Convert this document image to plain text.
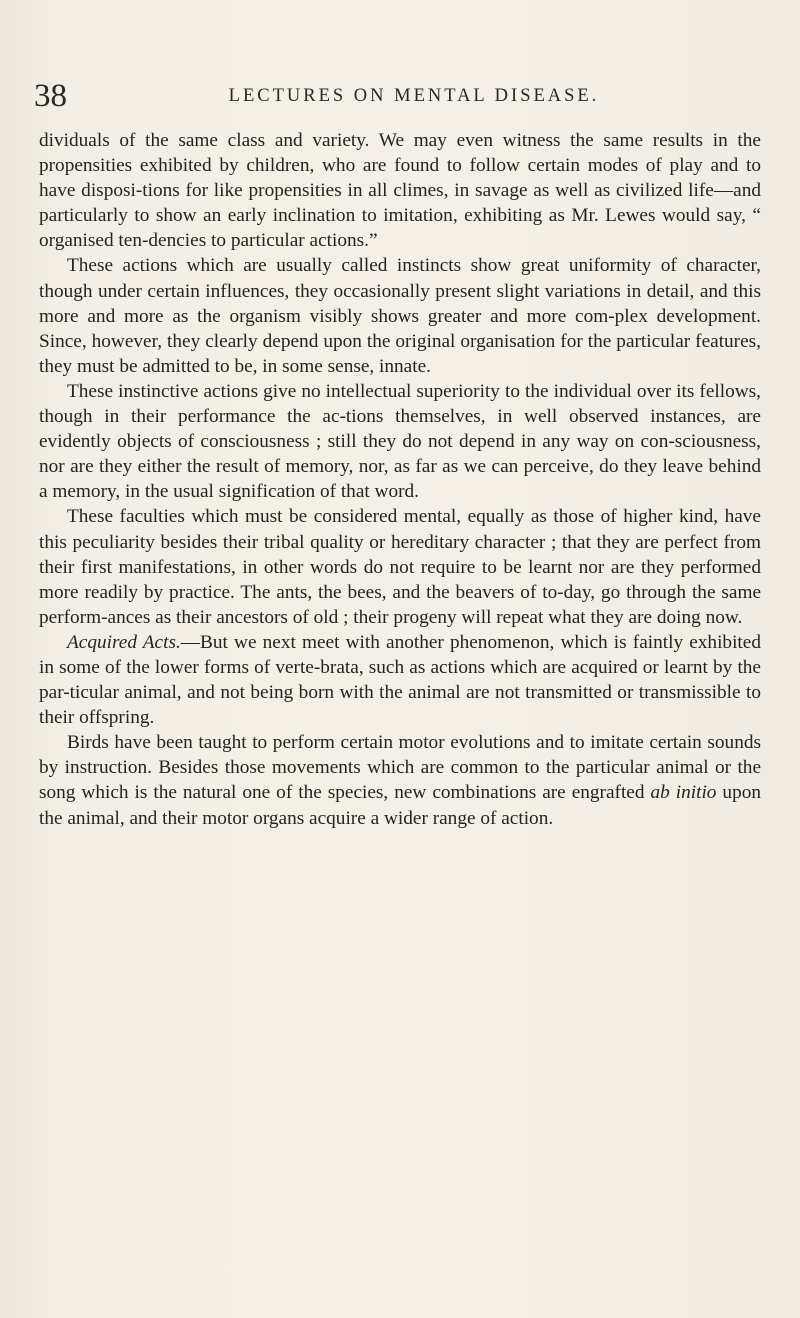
38	LECTURES ON MENTAL DISEASE.

dividuals of the same class and variety. We may even witness the same results in the propensities exhibited by children, who are found to follow certain modes of play and to have disposi-tions for like propensities in all climes, in savage as well as civilized life—and particularly to show an early inclination to imitation, exhibiting as Mr. Lewes would say, “ organised ten-dencies to particular actions.”

These actions which are usually called instincts show great uniformity of character, though under certain influences, they occasionally present slight variations in detail, and this more and more as the organism visibly shows greater and more com-plex development. Since, however, they clearly depend upon the original organisation for the particular features, they must be admitted to be, in some sense, innate.

These instinctive actions give no intellectual superiority to the individual over its fellows, though in their performance the ac-tions themselves, in well observed instances, are evidently objects of consciousness ; still they do not depend in any way on con-sciousness, nor are they either the result of memory, nor, as far as we can perceive, do they leave behind a memory, in the usual signification of that word.

These faculties which must be considered mental, equally as those of higher kind, have this peculiarity besides their tribal quality or hereditary character ; that they are perfect from their first manifestations, in other words do not require to be learnt nor are they performed more readily by practice. The ants, the bees, and the beavers of to-day, go through the same perform-ances as their ancestors of old ; their progeny will repeat what they are doing now.

Acquired Acts.—But we next meet with another phenomenon, which is faintly exhibited in some of the lower forms of verte-brata, such as actions which are acquired or learnt by the par-ticular animal, and not being born with the animal are not transmitted or transmissible to their offspring.

Birds have been taught to perform certain motor evolutions and to imitate certain sounds by instruction. Besides those movements which are common to the particular animal or the song which is the natural one of the species, new combinations are engrafted ab initio upon the animal, and their motor organs acquire a wider range of action.
